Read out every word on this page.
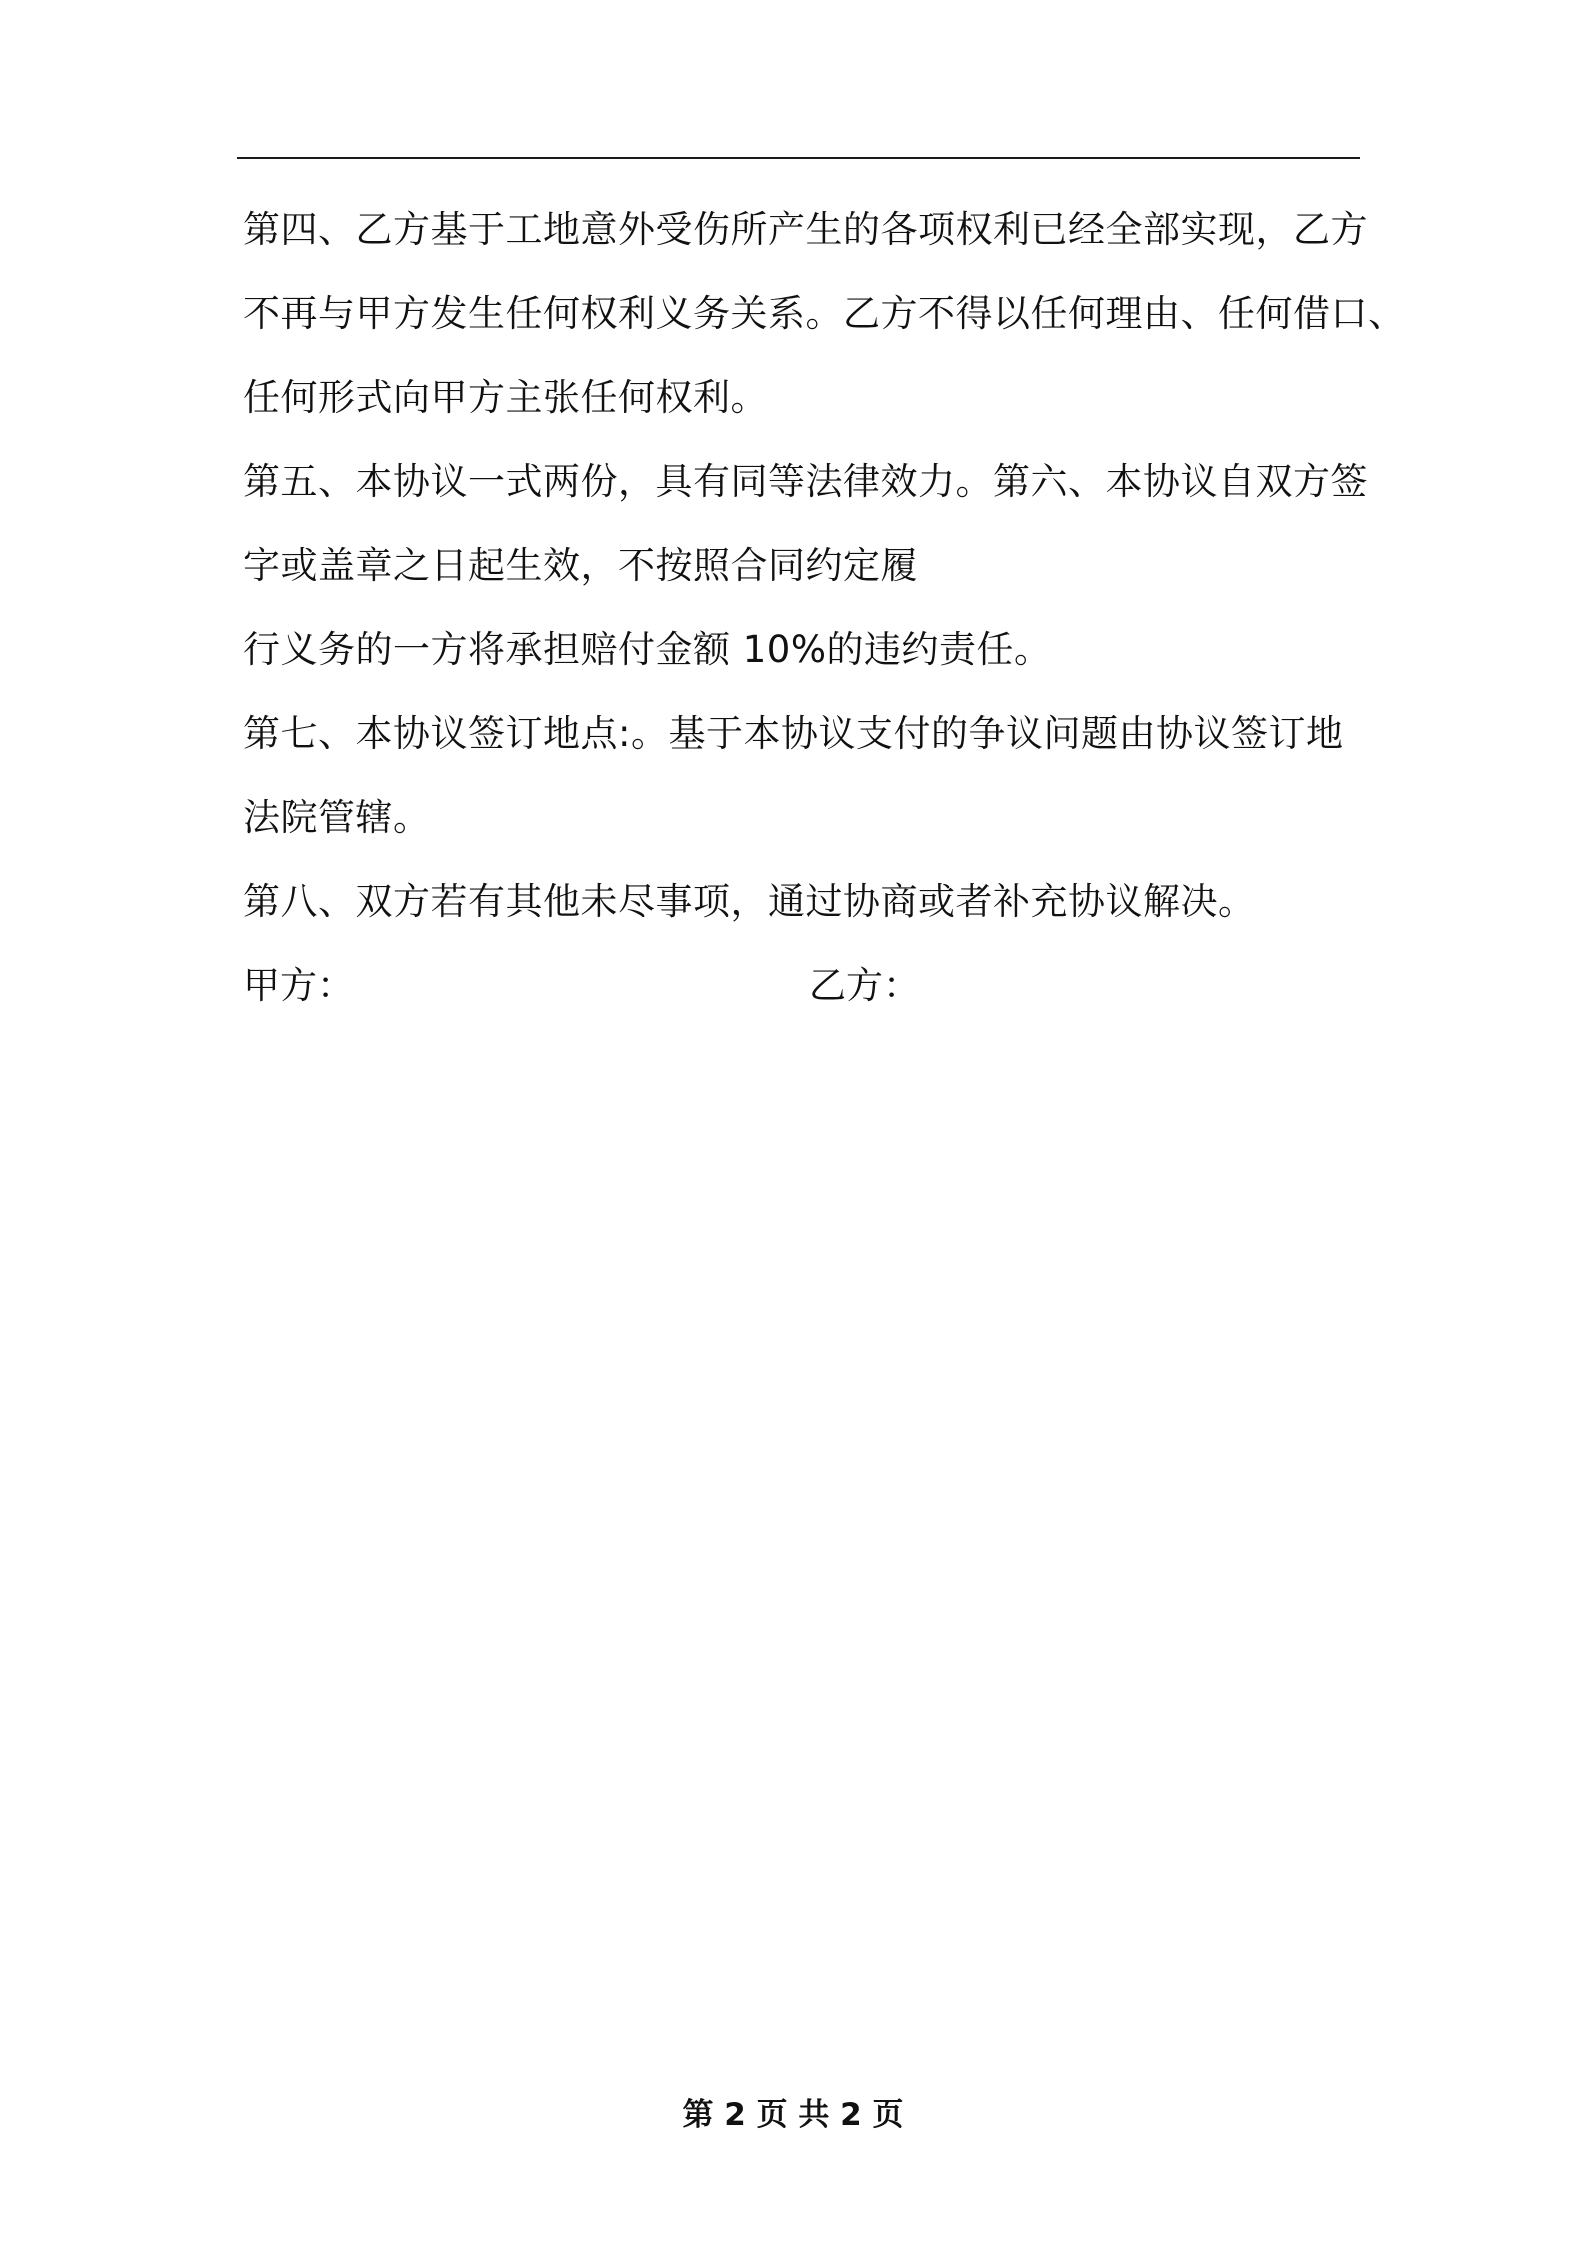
第四、乙方基于工地意外受伤所产生的各项权利已经全部实现，乙方
不再与甲方发生任何权利义务关系。乙方不得以任何理由、任何借口、
任何形式向甲方主张任何权利。
第五、本协议一式两份，具有同等法律效力。第六、本协议自双方签
字或盖章之日起生效，不按照合同约定履
行义务的一方将承担赔付金额 10%的违约责任。
第七、本协议签订地点:。基于本协议支付的争议问题由协议签订地
法院管辖。
第八、双方若有其他未尽事项，通过协商或者补充协议解决。
甲方：	乙方：
第 2 页 共 2 页
